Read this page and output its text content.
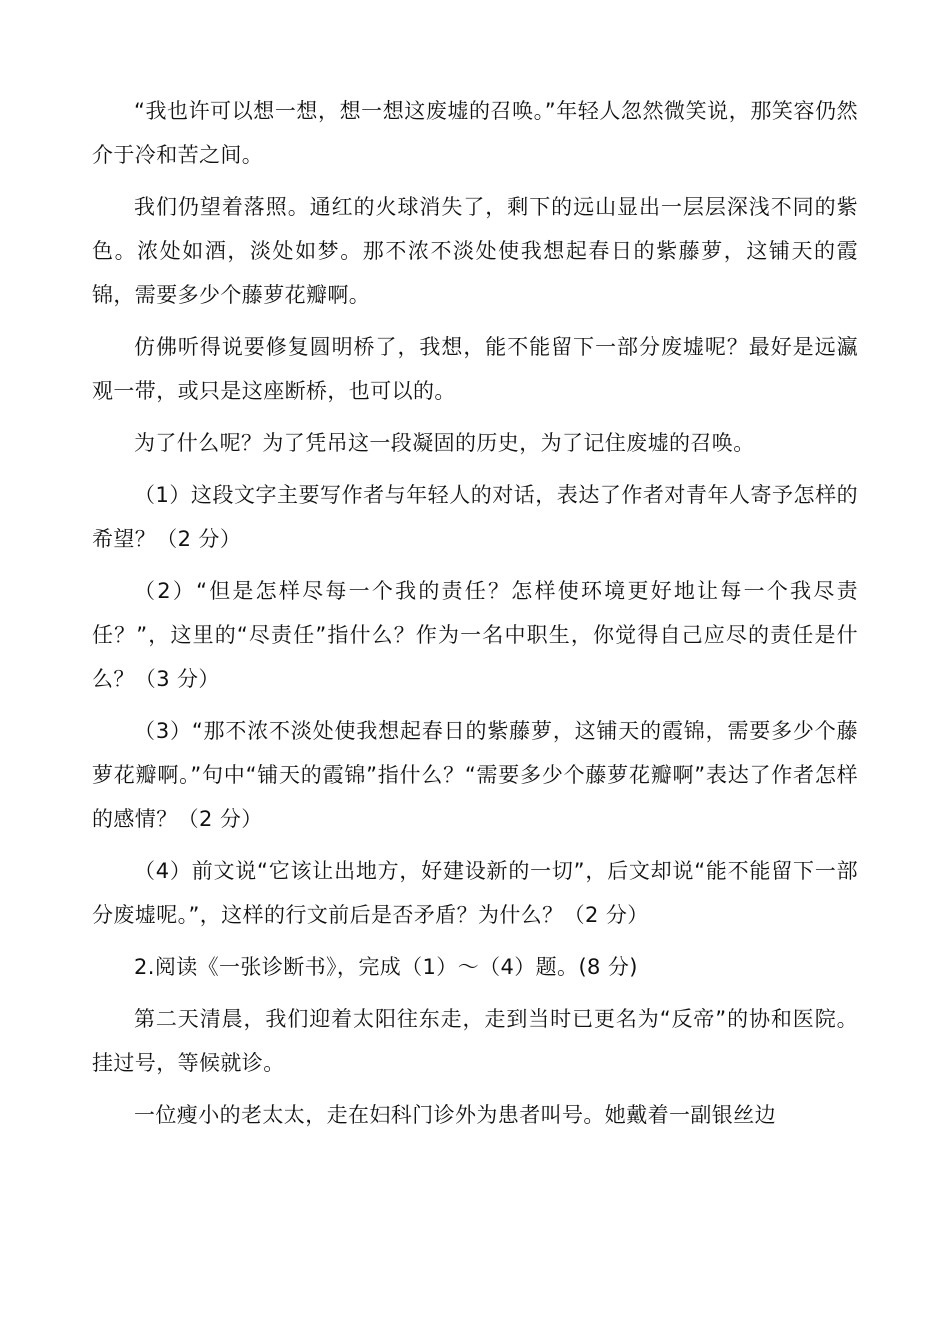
“我也许可以想一想，想一想这废墟的召唤。”年轻人忽然微笑说，那笑容仍然介于冷和苦之间。

我们仍望着落照。通红的火球消失了，剩下的远山显出一层层深浅不同的紫色。浓处如酒，淡处如梦。那不浓不淡处使我想起春日的紫藤萝，这铺天的霞锦，需要多少个藤萝花瓣啊。

仿佛听得说要修复圆明桥了，我想，能不能留下一部分废墟呢？最好是远瀛观一带，或只是这座断桥，也可以的。

为了什么呢？为了凭吊这一段凝固的历史，为了记住废墟的召唤。

（1）这段文字主要写作者与年轻人的对话，表达了作者对青年人寄予怎样的希望？（2 分）

（2）“但是怎样尽每一个我的责任？怎样使环境更好地让每一个我尽责任？”，这里的“尽责任”指什么？作为一名中职生，你觉得自己应尽的责任是什么？（3 分）

（3）“那不浓不淡处使我想起春日的紫藤萝，这铺天的霞锦，需要多少个藤萝花瓣啊。”句中“铺天的霞锦”指什么？“需要多少个藤萝花瓣啊”表达了作者怎样的感情？（2 分）

（4）前文说“它该让出地方，好建设新的一切”，后文却说“能不能留下一部分废墟呢。”，这样的行文前后是否矛盾？为什么？（2 分）

2.阅读《一张诊断书》，完成（1）～（4）题。(8 分)

第二天清晨，我们迎着太阳往东走，走到当时已更名为“反帝”的协和医院。挂过号，等候就诊。

一位瘦小的老太太，走在妇科门诊外为患者叫号。她戴着一副银丝边
